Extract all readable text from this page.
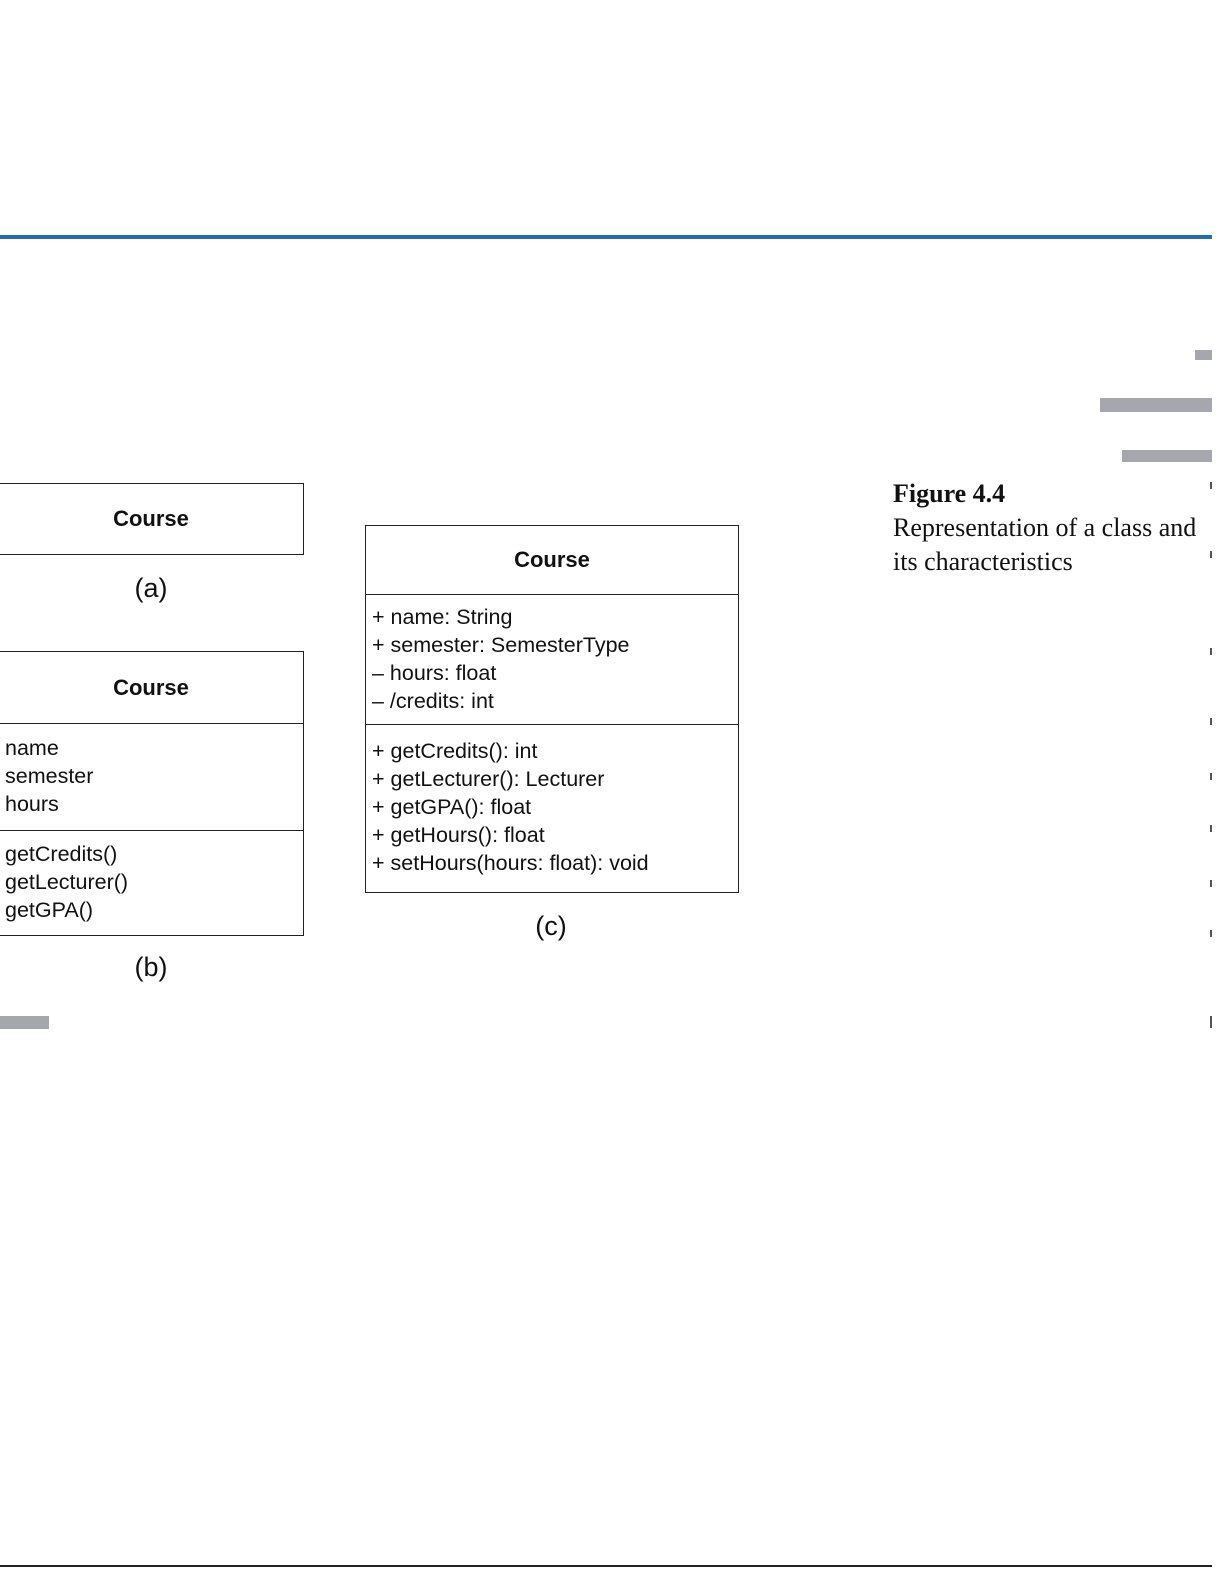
Course
(a)
Course
name
semester
hours
getCredits()
getLecturer()
getGPA()
(b)
Course
+ name: String
+ semester: SemesterType
– hours: float
– /credits: int
+ getCredits(): int
+ getLecturer(): Lecturer
+ getGPA(): float
+ getHours(): float
+ setHours(hours: float): void
(c)
Figure 4.4
Representation of a class and its characteristics
